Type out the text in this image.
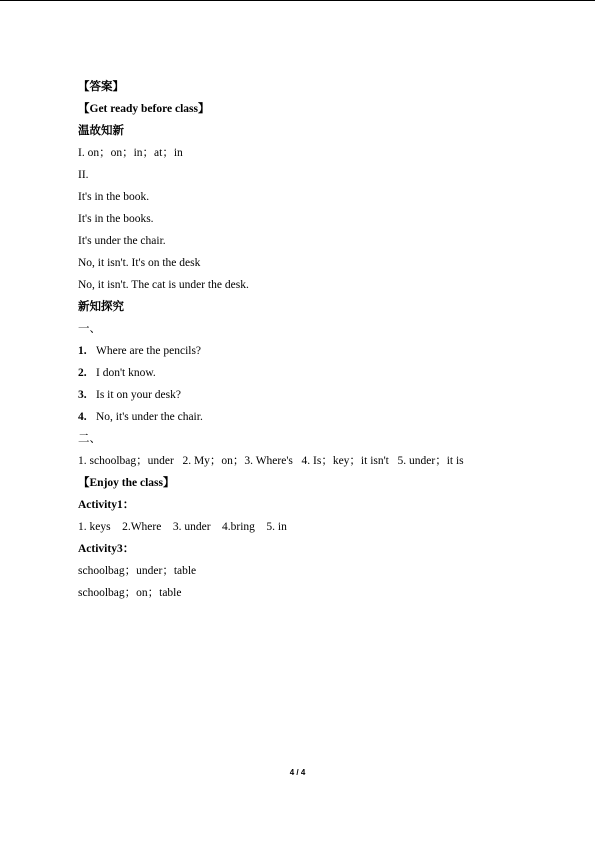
【答案】
【Get ready before class】
温故知新
I. on；on；in；at；in
II.
It's in the book.
It's in the books.
It's under the chair.
No, it isn't. It's on the desk
No, it isn't. The cat is under the desk.
新知探究
一、
1. Where are the pencils?
2. I don't know.
3. Is it on your desk?
4. No, it's under the chair.
二、
1. schoolbag；under   2. My；on；3. Where's   4. Is；key；it isn't   5. under；it is
【Enjoy the class】
Activity1：
1. keys    2.Where    3. under    4.bring    5. in
Activity3：
schoolbag；under；table
schoolbag；on；table
4 / 4
